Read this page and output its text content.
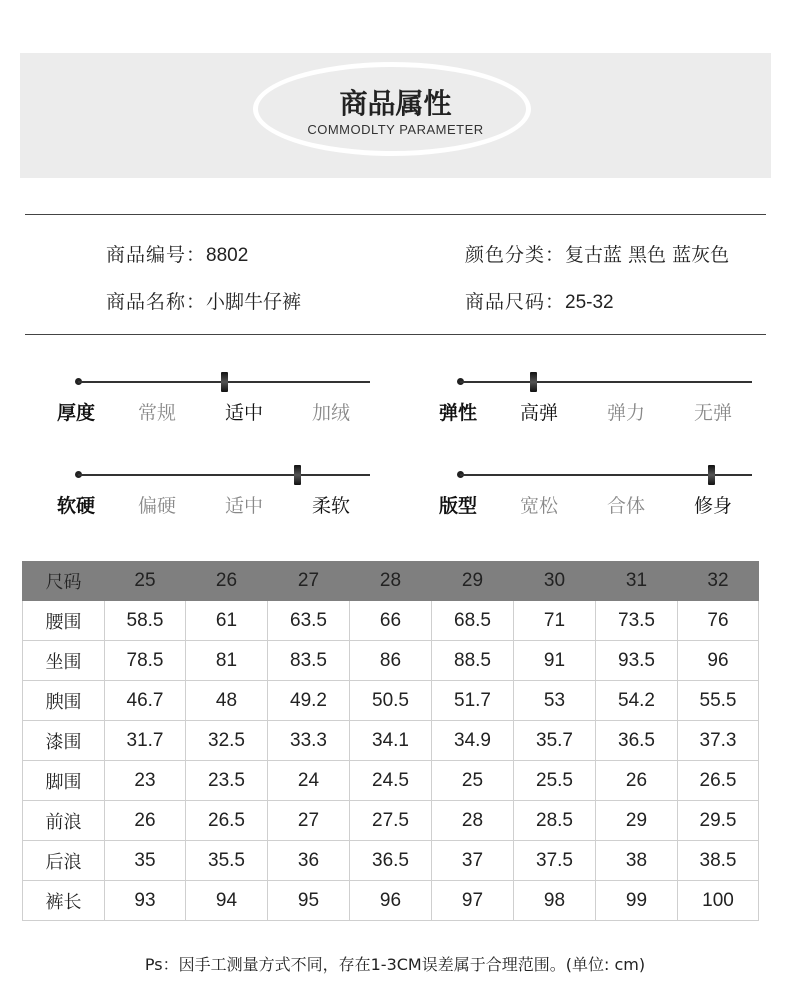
商品属性
COMMODLTY PARAMETER
商品编号：8802	颜色分类：复古蓝 黑色 蓝灰色
商品名称：小脚牛仔裤	商品尺码：25-32
厚度 常规	适中	加绒	弹性 高弹	弹力	无弹
软硬 偏硬	适中	柔软	版型 宽松	合体	修身
尺码	25	26	27	28	29	30	31	32
腰围	58.5	61	63.5	66	68.5	71	73.5	76
坐围	78.5	81	83.5	86	88.5	91	93.5	96
腴围	46.7	48	49.2	50.5	51.7	53	54.2	55.5
漆围	31.7	32.5	33.3	34.1	34.9	35.7	36.5	37.3
脚围	23	23.5	24	24.5	25	25.5	26	26.5
前浪	26	26.5	27	27.5	28	28.5	29	29.5
后浪	35	35.5	36	36.5	37	37.5	38	38.5
裤长	93	94	95	96	97	98	99	100
Ps：因手工测量方式不同，存在1-3CM误差属于合理范围。(单位: cm)
